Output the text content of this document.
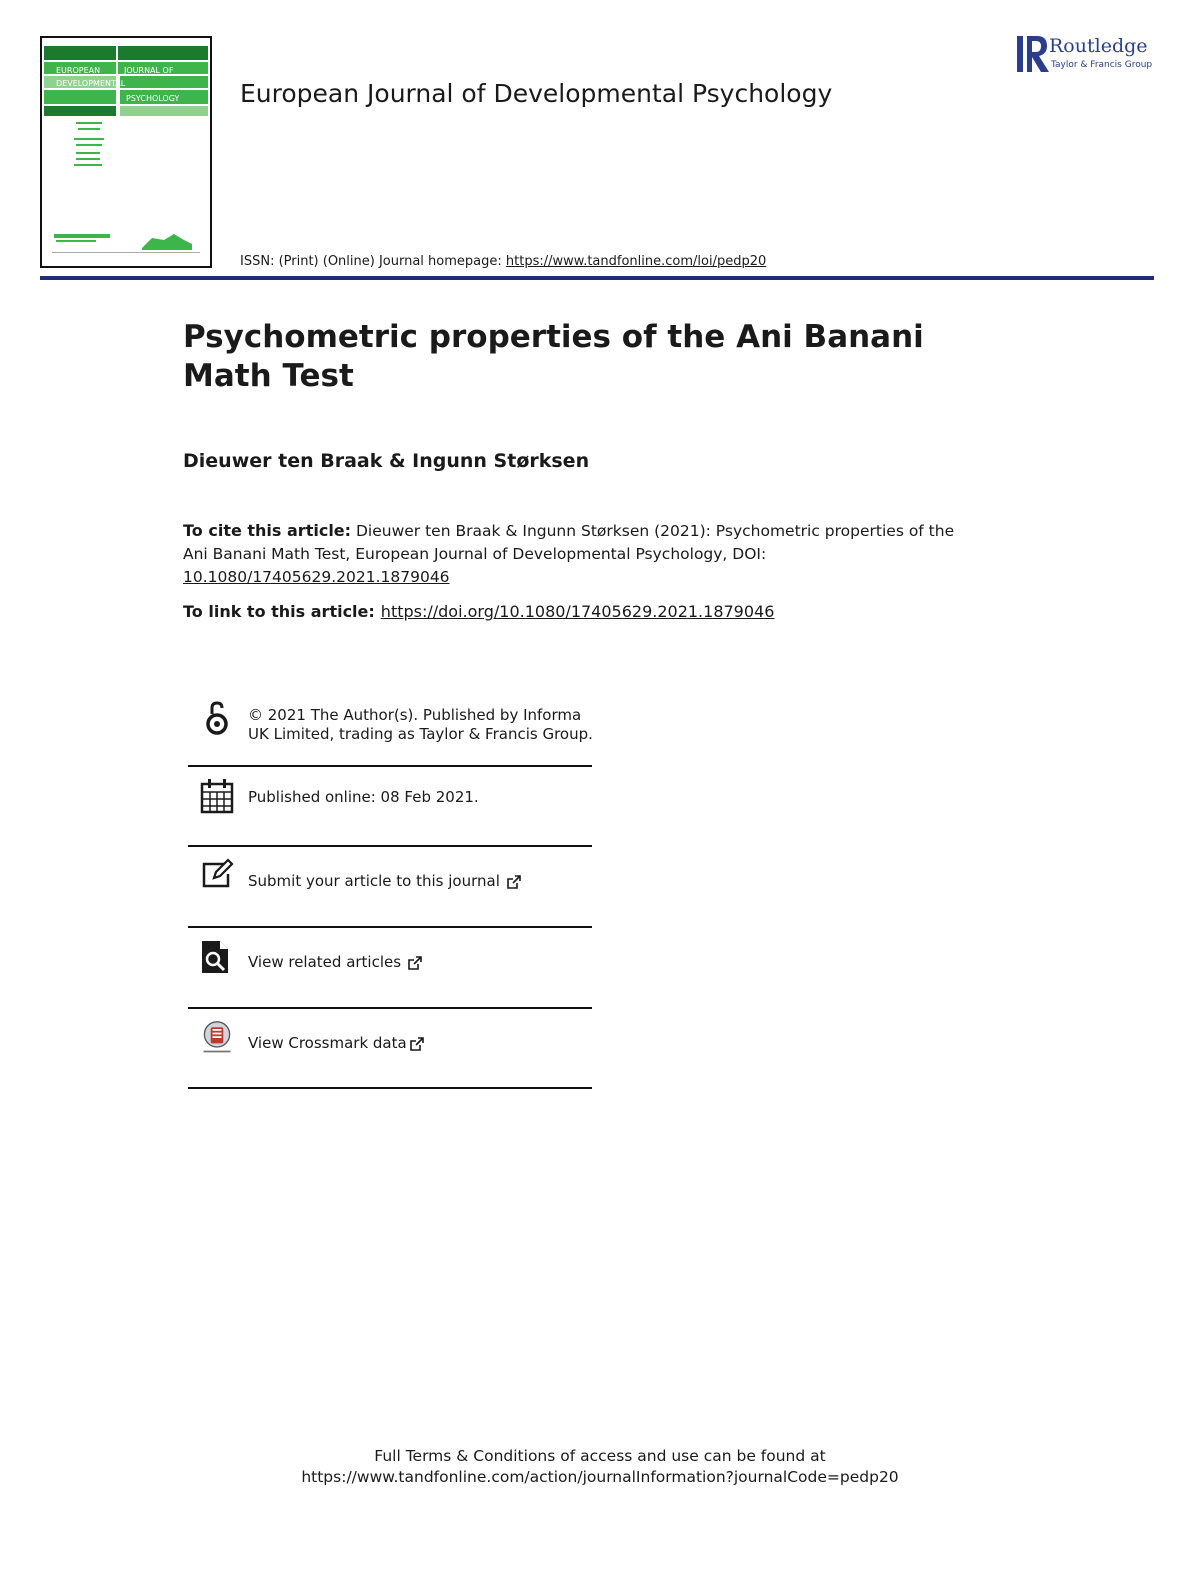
EUROPEAN	JOURNAL OF
DEVELOPMENTAL
PSYCHOLOGY European Journal of Developmental Psychology
ISSN: (Print) (Online) Journal homepage: https://www.tandfonline.com/loi/pedp20
Routledge
Taylor & Francis Group
Psychometric properties of the Ani Banani Math Test
Dieuwer ten Braak & Ingunn Størksen
To cite this article: Dieuwer ten Braak & Ingunn Størksen (2021): Psychometric properties of the Ani Banani Math Test, European Journal of Developmental Psychology, DOI: 10.1080/17405629.2021.1879046
To link to this article: https://doi.org/10.1080/17405629.2021.1879046
© 2021 The Author(s). Published by Informa UK Limited, trading as Taylor & Francis Group.
Published online: 08 Feb 2021.
Submit your article to this journal
View related articles
View Crossmark data
Full Terms & Conditions of access and use can be found at
https://www.tandfonline.com/action/journalInformation?journalCode=pedp20
